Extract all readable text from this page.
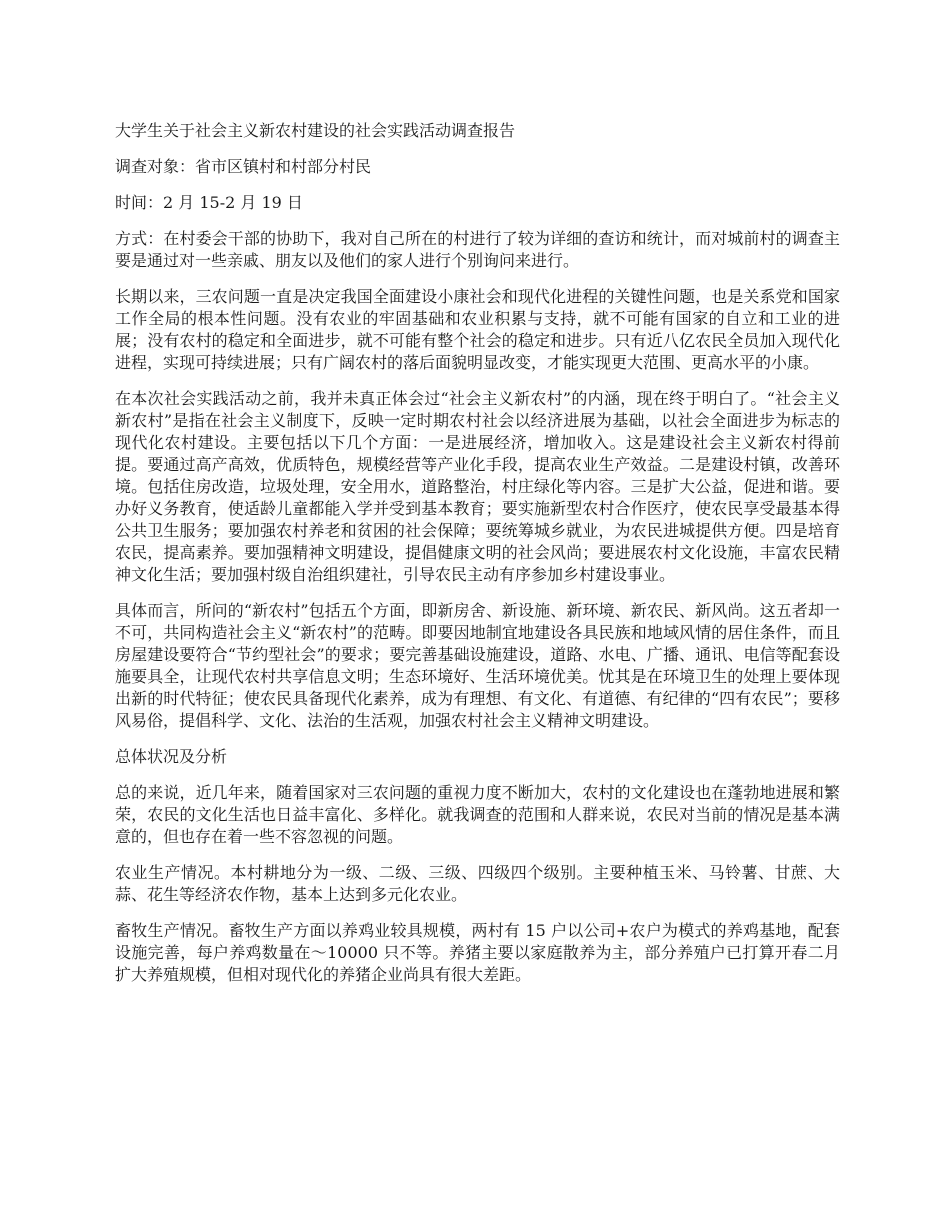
大学生关于社会主义新农村建设的社会实践活动调查报告

调查对象：省市区镇村和村部分村民

时间：2 月 15-2 月 19 日

方式：在村委会干部的协助下，我对自己所在的村进行了较为详细的查访和统计，而对城前村的调查主要是通过对一些亲戚、朋友以及他们的家人进行个别询问来进行。

长期以来，三农问题一直是决定我国全面建设小康社会和现代化进程的关键性问题，也是关系党和国家工作全局的根本性问题。没有农业的牢固基础和农业积累与支持，就不可能有国家的自立和工业的进展；没有农村的稳定和全面进步，就不可能有整个社会的稳定和进步。只有近八亿农民全员加入现代化进程，实现可持续进展；只有广阔农村的落后面貌明显改变，才能实现更大范围、更高水平的小康。

在本次社会实践活动之前，我并未真正体会过“社会主义新农村”的内涵，现在终于明白了。“社会主义新农村”是指在社会主义制度下，反映一定时期农村社会以经济进展为基础，以社会全面进步为标志的现代化农村建设。主要包括以下几个方面：一是进展经济，增加收入。这是建设社会主义新农村得前提。要通过高产高效，优质特色，规模经营等产业化手段，提高农业生产效益。二是建设村镇，改善环境。包括住房改造，垃圾处理，安全用水，道路整治，村庄绿化等内容。三是扩大公益，促进和谐。要办好义务教育，使适龄儿童都能入学并受到基本教育；要实施新型农村合作医疗，使农民享受最基本得公共卫生服务；要加强农村养老和贫困的社会保障；要统筹城乡就业，为农民进城提供方便。四是培育农民，提高素养。要加强精神文明建设，提倡健康文明的社会风尚；要进展农村文化设施，丰富农民精神文化生活；要加强村级自治组织建社，引导农民主动有序参加乡村建设事业。

具体而言，所问的“新农村”包括五个方面，即新房舍、新设施、新环境、新农民、新风尚。这五者却一不可，共同构造社会主义“新农村”的范畴。即要因地制宜地建设各具民族和地域风情的居住条件，而且房屋建设要符合“节约型社会”的要求；要完善基础设施建设，道路、水电、广播、通讯、电信等配套设施要具全，让现代农村共享信息文明；生态环境好、生活环境优美。忧其是在环境卫生的处理上要体现出新的时代特征；使农民具备现代化素养，成为有理想、有文化、有道德、有纪律的“四有农民”；要移风易俗，提倡科学、文化、法治的生活观，加强农村社会主义精神文明建设。

总体状况及分析

总的来说，近几年来，随着国家对三农问题的重视力度不断加大，农村的文化建设也在蓬勃地进展和繁荣，农民的文化生活也日益丰富化、多样化。就我调查的范围和人群来说，农民对当前的情况是基本满意的，但也存在着一些不容忽视的问题。

农业生产情况。本村耕地分为一级、二级、三级、四级四个级别。主要种植玉米、马铃薯、甘蔗、大蒜、花生等经济农作物，基本上达到多元化农业。

畜牧生产情况。畜牧生产方面以养鸡业较具规模，两村有 15 户以公司+农户为模式的养鸡基地，配套设施完善，每户养鸡数量在～10000 只不等。养猪主要以家庭散养为主，部分养殖户已打算开春二月扩大养殖规模，但相对现代化的养猪企业尚具有很大差距。
